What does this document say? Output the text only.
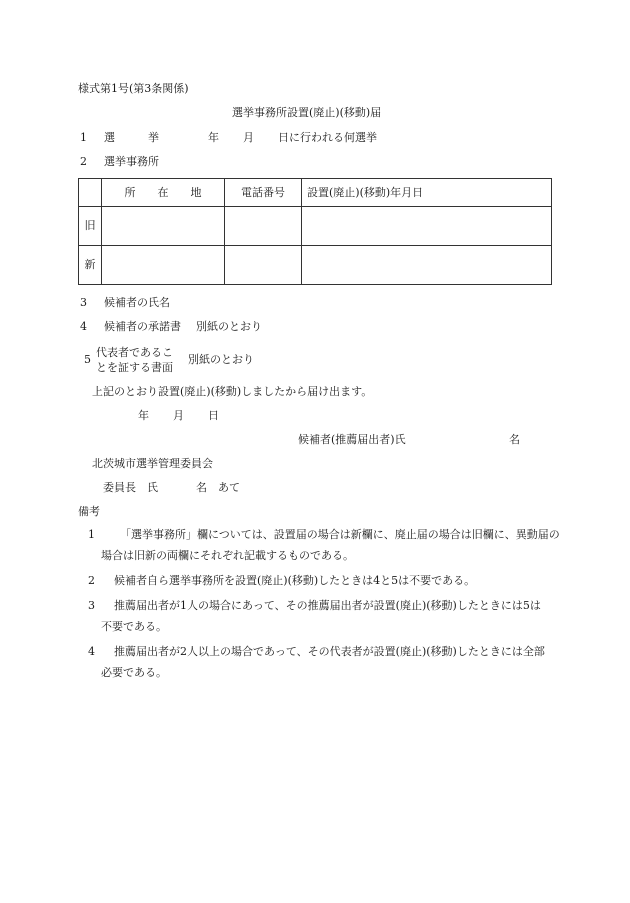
様式第1号(第3条関係)
選挙事務所設置(廃止)(移動)届
1 選　　　挙	年 月 日に行われる何選挙
2 選挙事務所
	所　　在　　地	電話番号	設置(廃止)(移動)年月日
旧			
新			
3 候補者の氏名
4 候補者の承諾書 別紙のとおり
5
代表者であるこ
とを証する書面
別紙のとおり
上記のとおり設置(廃止)(移動)しましたから届け出ます。
年 月 日
候補者(推薦届出者)氏	名
北茨城市選挙管理委員会
委員長　氏	名　あて
備考
1	「選挙事務所」欄については、設置届の場合は新欄に、廃止届の場合は旧欄に、異動届の場合は旧新の両欄にそれぞれ記載するものである。
2 候補者自ら選挙事務所を設置(廃止)(移動)したときは4と5は不要である。
3	推薦届出者が1人の場合にあって、その推薦届出者が設置(廃止)(移動)したときには5は不要である。
4	推薦届出者が2人以上の場合であって、その代表者が設置(廃止)(移動)したときには全部必要である。
